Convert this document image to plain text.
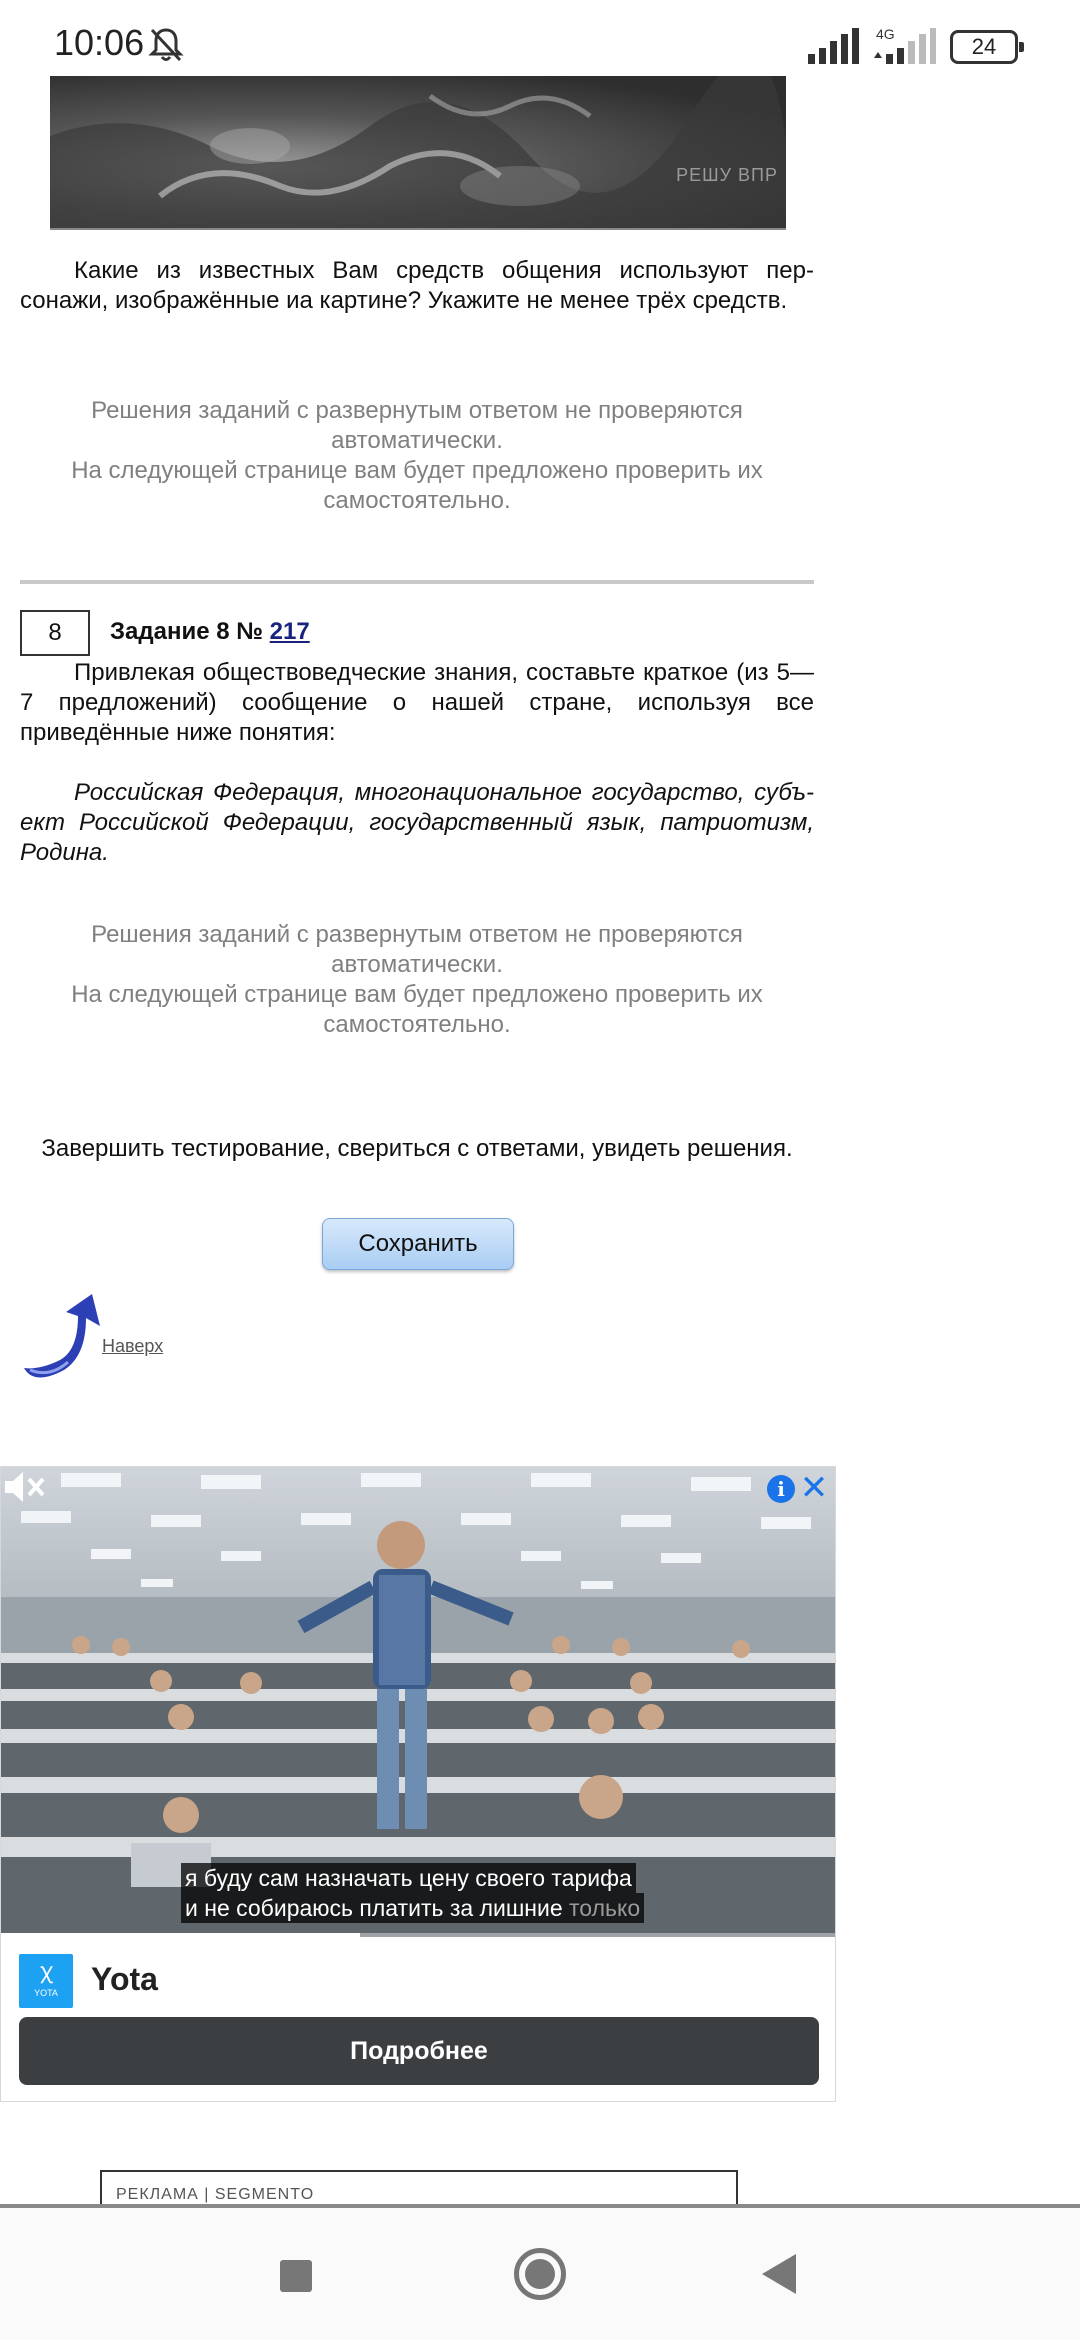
10:06	4G	24
РЕШУ ВПР
Какие из известных Вам средств общения используют персонажи, изображённые иа картине? Укажите не менее трёх средств.
Решения заданий с развернутым ответом не проверяются автоматически.
На следующей странице вам будет предложено проверить их самостоятельно.
8	Задание 8 № 217
Привлекая обществоведческие знания, составьте краткое (из 5—7 предложений) сообщение о нашей стране, используя все приведённые ниже понятия:
Российская Федерация, многонациональное государство, субъект Российской Федерации, государственный язык, патриотизм, Родина.
Решения заданий с развернутым ответом не проверяются автоматически.
На следующей странице вам будет предложено проверить их самостоятельно.
Завершить тестирование, свериться с ответами, увидеть решения.
Сохранить
Наверх
i ✕
я буду сам назначать цену своего тарифа
и не собираюсь платить за лишние только
ꭓ
YOTA	Yota
Подробнее
РЕКЛАМА | SEGMENTO
